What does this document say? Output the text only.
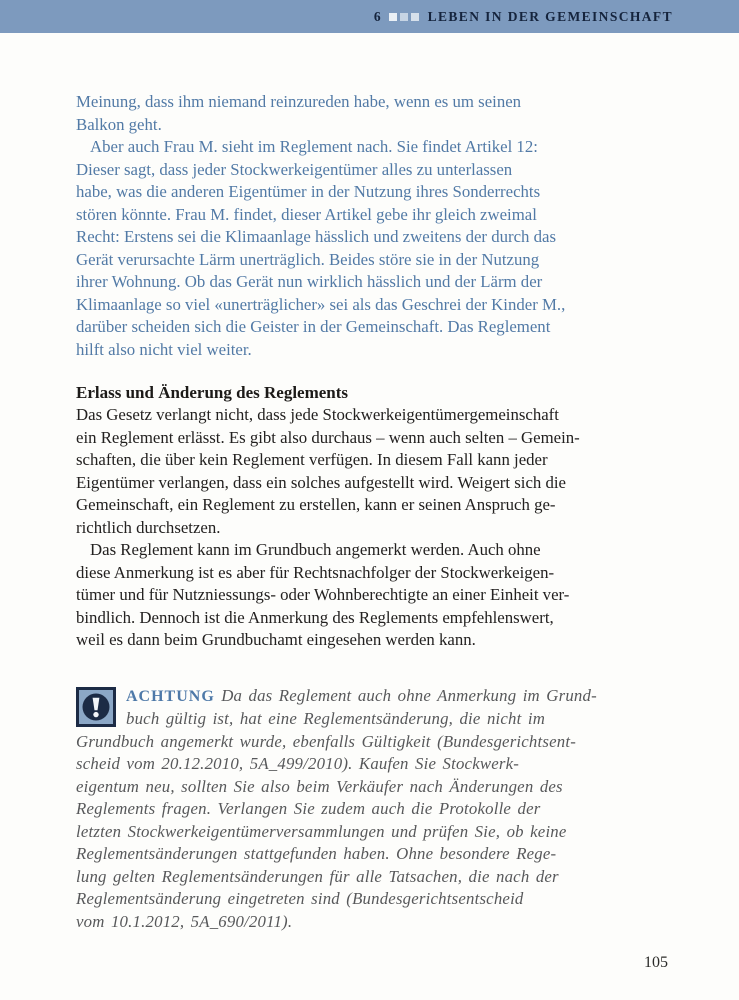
6	LEBEN IN DER GEMEINSCHAFT

Meinung, dass ihm niemand reinzureden habe, wenn es um seinen
Balkon geht.

Aber auch Frau M. sieht im Reglement nach. Sie findet Artikel 12:
Dieser sagt, dass jeder Stockwerkeigentümer alles zu unterlassen
habe, was die anderen Eigentümer in der Nutzung ihres Sonderrechts
stören könnte. Frau M. findet, dieser Artikel gebe ihr gleich zweimal
Recht: Erstens sei die Klimaanlage hässlich und zweitens der durch das
Gerät verursachte Lärm unerträglich. Beides störe sie in der Nutzung
ihrer Wohnung. Ob das Gerät nun wirklich hässlich und der Lärm der
Klimaanlage so viel «unerträglicher» sei als das Geschrei der Kinder M.,
darüber scheiden sich die Geister in der Gemeinschaft. Das Reglement
hilft also nicht viel weiter.

Erlass und Änderung des Reglements

Das Gesetz verlangt nicht, dass jede Stockwerkeigentümergemeinschaft
ein Reglement erlässt. Es gibt also durchaus – wenn auch selten – Gemein-
schaften, die über kein Reglement verfügen. In diesem Fall kann jeder
Eigentümer verlangen, dass ein solches aufgestellt wird. Weigert sich die
Gemeinschaft, ein Reglement zu erstellen, kann er seinen Anspruch ge-
richtlich durchsetzen.

Das Reglement kann im Grundbuch angemerkt werden. Auch ohne
diese Anmerkung ist es aber für Rechtsnachfolger der Stockwerkeigen-
tümer und für Nutzniessungs- oder Wohnberechtigte an einer Einheit ver-
bindlich. Dennoch ist die Anmerkung des Reglements empfehlenswert,
weil es dann beim Grundbuchamt eingesehen werden kann.

ACHTUNG Da das Reglement auch ohne Anmerkung im Grund-
buch gültig ist, hat eine Reglementsänderung, die nicht im
Grundbuch angemerkt wurde, ebenfalls Gültigkeit (Bundesgerichtsent-
scheid vom 20.12.2010, 5A_499/2010). Kaufen Sie Stockwerk-
eigentum neu, sollten Sie also beim Verkäufer nach Änderungen des
Reglements fragen. Verlangen Sie zudem auch die Protokolle der
letzten Stockwerkeigentümerversammlungen und prüfen Sie, ob keine
Reglementsänderungen stattgefunden haben. Ohne besondere Rege-
lung gelten Reglementsänderungen für alle Tatsachen, die nach der
Reglementsänderung eingetreten sind (Bundesgerichtsentscheid
vom 10.1.2012, 5A_690/2011).

105
